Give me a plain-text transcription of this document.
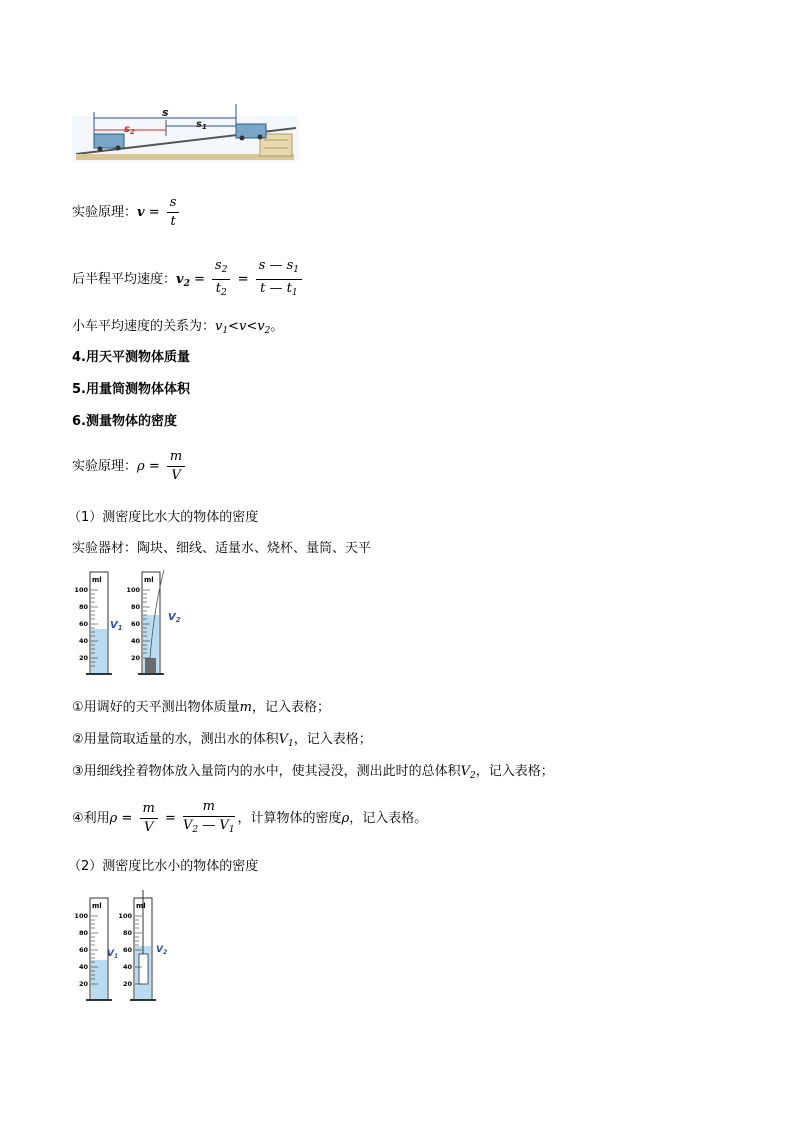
s
$s_2$
$s_1$
实验原理：$v = \frac{s}{t}$
后半程平均速度：$v_2 = \frac{s_2}{t_2} = \frac{s — s_1}{t — t_1}$
小车平均速度的关系为：$v_1<v<v_2$。
4.用天平测物体质量
5.用量筒测物体体积
6.测量物体的密度
实验原理：$\rho = \frac{m}{V}$
（1）测密度比水大的物体的密度
实验器材：陶块、细线、适量水、烧杯、量筒、天平
ml
100
80
60
40
20
$V_1$
ml
100
80
60
40
20
$V_2$
①用调好的天平测出物体质量m，记入表格；
②用量筒取适量的水，测出水的体积$V_1$，记入表格；
③用细线拴着物体放入量筒内的水中，使其浸没，测出此时的总体积$V_2$，记入表格；
④利用$\rho = \frac{m}{V} = \frac{m}{V_2 — V_1}$ ，计算物体的密度ρ，记入表格。
（2）测密度比水小的物体的密度
ml
100
80
60
40
20
$V_1$
ml
100
80
60
40
20
$V_2$
